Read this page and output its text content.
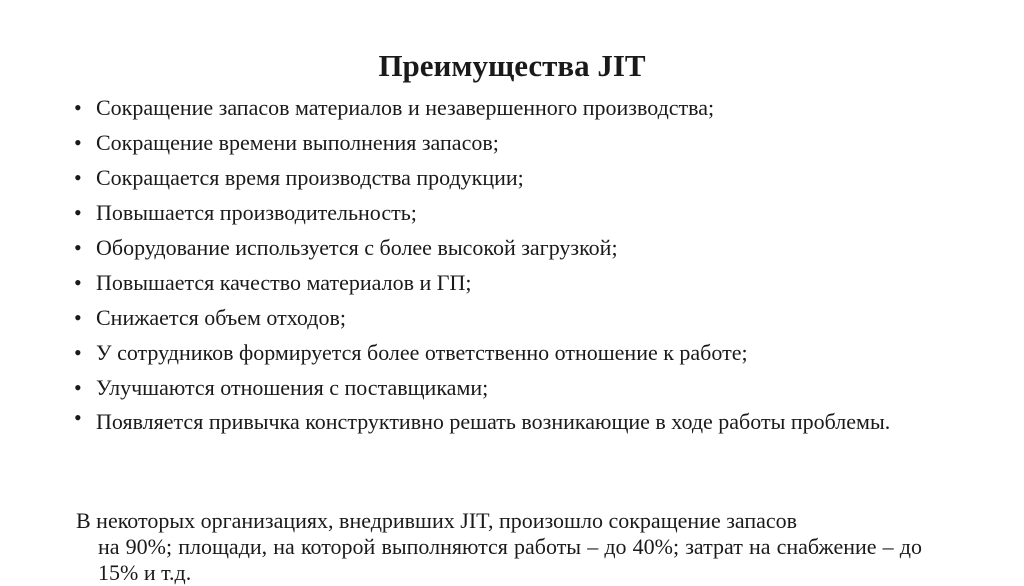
Преимущества JIT
• Сокращение запасов материалов и незавершенного производства;
• Сокращение времени выполнения запасов;
• Сокращается время производства продукции;
• Повышается производительность;
• Оборудование используется с более высокой загрузкой;
• Повышается качество материалов и ГП;
• Снижается объем отходов;
• У сотрудников формируется более ответственно отношение к работе;
• Улучшаются отношения с поставщиками;
• Появляется привычка конструктивно решать возникающие в ходе работы проблемы.
В некоторых организациях, внедривших JIT, произошло сокращение запасов
на 90%; площади, на которой выполняются работы – до 40%; затрат на снабжение – до 15% и т.д.
